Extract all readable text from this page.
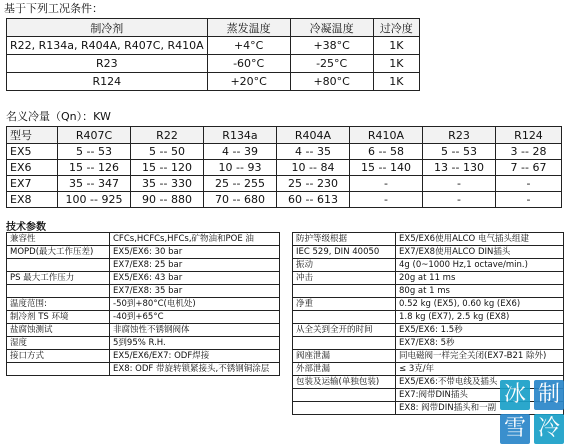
基于下列工况条件：
制冷剂	蒸发温度	冷凝温度	过冷度
R22, R134a, R404A, R407C, R410A	+4°C	+38°C	1K
R23	-60°C	-25°C	1K
R124	+20°C	+80°C	1K
名义冷量（Qn）：KW
型号	R407C	R22	R134a	R404A	R410A	R23	R124
EX5	5 -- 53	5 -- 50	4 -- 39	4 -- 35	6 -- 58	5 -- 53	3 -- 28
EX6	15 -- 126	15 -- 120	10 -- 93	10 -- 84	15 -- 140	13 -- 130	7 -- 67
EX7	35 -- 347	35 -- 330	25 -- 255	25 -- 230	-	-	-
EX8	100 -- 925	90 -- 880	70 -- 680	60 -- 613	-	-	-
技术参数
兼容性	CFCs,HCFCs,HFCs,矿物油和POE 油
MOPD(最大工作压差)	EX5/EX6: 30 bar
	EX7/EX8: 25 bar
PS 最大工作压力	EX5/EX6: 43 bar
	EX7/EX8: 35 bar
温度范围:	-50到+80°C(电机处)
制冷剂 TS 环境	-40到+65°C
盐腐蚀测试	非腐蚀性不锈钢阀体
湿度	5到95% R.H.
接口方式	EX5/EX6/EX7: ODF焊接
	EX8: ODF 带旋转锁紧接头,不锈钢铜涂层
防护等级根据	EX5/EX6使用ALCO 电气插头组建
IEC 529, DIN 40050	EX7/EX8使用ALCO DIN插头
振动	4g (0~1000 Hz,1 octave/min.)
冲击	20g at 11 ms
	80g at 1 ms
净重	0.52 kg (EX5), 0.60 kg (EX6)
	1.8 kg (EX7), 2.5 kg (EX8)
从全关到全开的时间	EX5/EX6: 1.5秒
	EX7/EX8: 5秒
阀座泄漏	同电磁阀一样完全关闭(EX7-B21 除外)
外部泄漏	≤ 3克/年
包装及运输(单独包装)	EX5/EX6:不带电线及插头
	EX7:阀带DIN插头
	EX8: 阀带DIN插头和一副
冰 制
雪 冷
